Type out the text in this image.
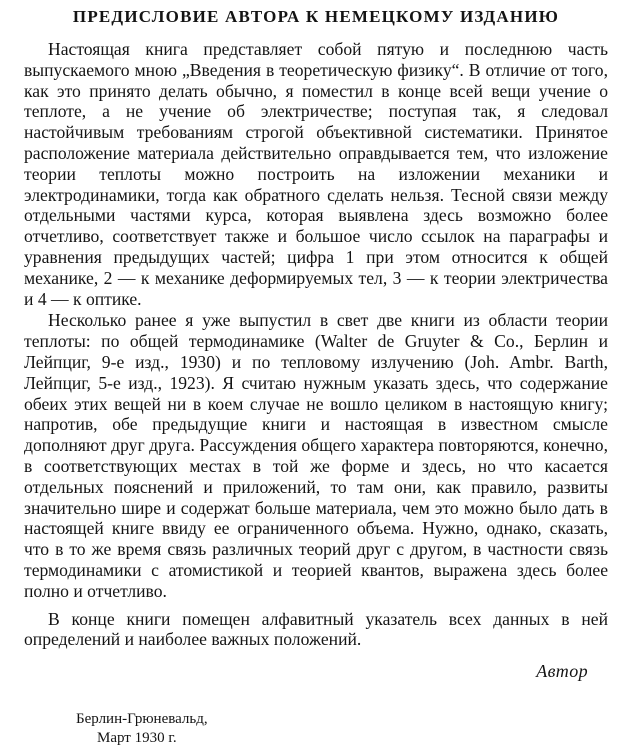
ПРЕДИСЛОВИЕ АВТОРА К НЕМЕЦКОМУ ИЗДАНИЮ

Настоящая книга представляет собой пятую и последнюю часть выпускаемого мною „Введения в теоретическую физику“. В отличие от того, как это принято делать обычно, я поместил в конце всей вещи учение о теплоте, а не учение об электричестве; поступая так, я следовал настойчивым требованиям строгой объективной систематики. Принятое расположение материала действительно оправдывается тем, что изложение теории теплоты можно построить на изложении механики и электродинамики, тогда как обратного сделать нельзя. Тесной связи между отдельными частями курса, которая выявлена здесь возможно более отчетливо, соответствует также и большое число ссылок на параграфы и уравнения предыдущих частей; цифра 1 при этом относится к общей механике, 2 — к механике деформируемых тел, 3 — к теории электричества и 4 — к оптике.

Несколько ранее я уже выпустил в свет две книги из области теории теплоты: по общей термодинамике (Walter de Gruyter & Co., Берлин и Лейпциг, 9-е изд., 1930) и по тепловому излучению (Joh. Ambr. Barth, Лейпциг, 5-е изд., 1923). Я считаю нужным указать здесь, что содержание обеих этих вещей ни в коем случае не вошло целиком в настоящую книгу; напротив, обе предыдущие книги и настоящая в известном смысле дополняют друг друга. Рассуждения общего характера повторяются, конечно, в соответствующих местах в той же форме и здесь, но что касается отдельных пояснений и приложений, то там они, как правило, развиты значительно шире и содержат больше материала, чем это можно было дать в настоящей книге ввиду ее ограниченного объема. Нужно, однако, сказать, что в то же время связь различных теорий друг с другом, в частности связь термодинамики с атомистикой и теорией квантов, выражена здесь более полно и отчетливо.

В конце книги помещен алфавитный указатель всех данных в ней определений и наиболее важных положений.

Автор
Берлин-Грюневальд,
Март 1930 г.
